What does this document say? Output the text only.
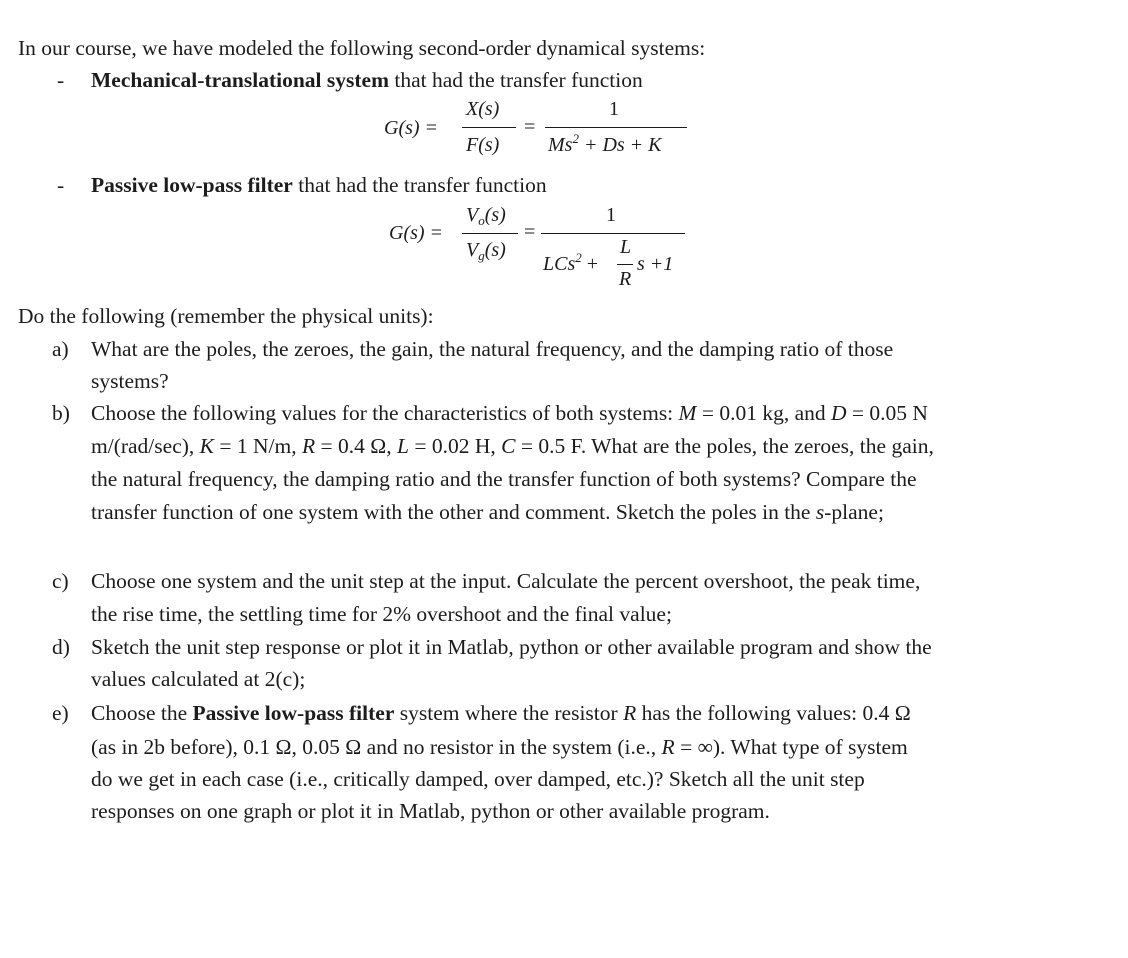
In our course, we have modeled the following second-order dynamical systems:
- Mechanical-translational system that had the transfer function
G(s) =
X(s)
F(s)
=
1
$Ms^2 + Ds + K$
- Passive low-pass filter that had the transfer function
G(s) =
$V_o(s)$
$V_g(s)$
=
1
LCs$^2$ +
L
R
s +1
Do the following (remember the physical units):
a) What are the poles, the zeroes, the gain, the natural frequency, and the damping ratio of those
systems?
b) Choose the following values for the characteristics of both systems: M = 0.01 kg, and D = 0.05 N
m/(rad/sec), K = 1 N/m, R = 0.4 Ω, L = 0.02 H, C = 0.5 F. What are the poles, the zeroes, the gain,
the natural frequency, the damping ratio and the transfer function of both systems? Compare the
transfer function of one system with the other and comment. Sketch the poles in the s-plane;
c) Choose one system and the unit step at the input. Calculate the percent overshoot, the peak time,
the rise time, the settling time for 2% overshoot and the final value;
d) Sketch the unit step response or plot it in Matlab, python or other available program and show the
values calculated at 2(c);
e) Choose the Passive low-pass filter system where the resistor R has the following values: 0.4 Ω
(as in 2b before), 0.1 Ω, 0.05 Ω and no resistor in the system (i.e., R = ∞). What type of system
do we get in each case (i.e., critically damped, over damped, etc.)? Sketch all the unit step
responses on one graph or plot it in Matlab, python or other available program.
